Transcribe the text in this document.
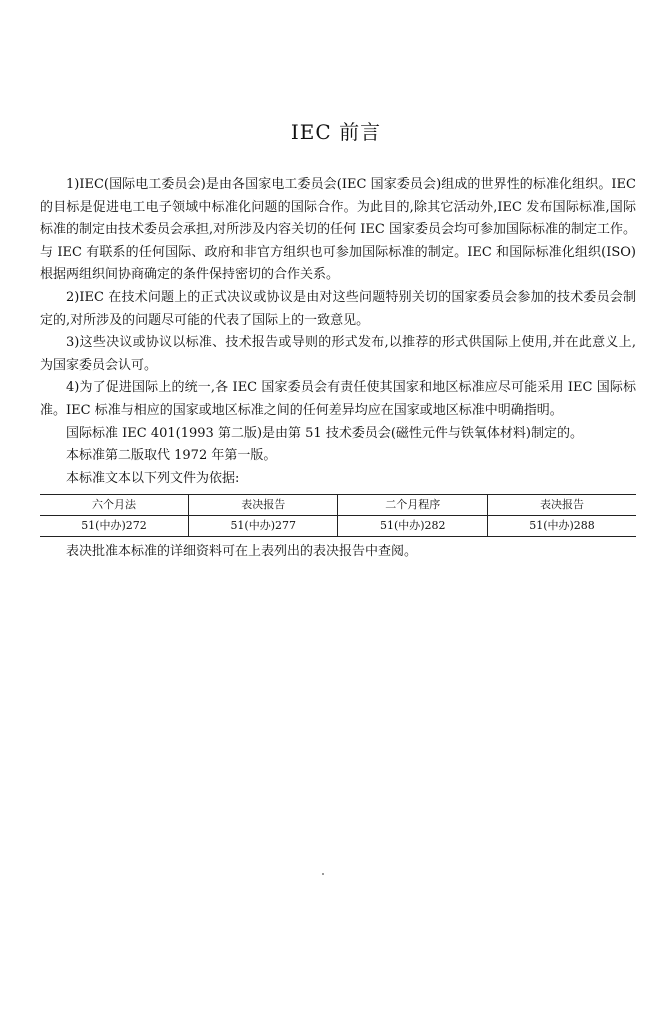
IEC 前言

1)IEC(国际电工委员会)是由各国家电工委员会(IEC 国家委员会)组成的世界性的标准化组织。IEC 的目标是促进电工电子领域中标准化问题的国际合作。为此目的,除其它活动外,IEC 发布国际标准,国际标准的制定由技术委员会承担,对所涉及内容关切的任何 IEC 国家委员会均可参加国际标准的制定工作。与 IEC 有联系的任何国际、政府和非官方组织也可参加国际标准的制定。IEC 和国际标准化组织(ISO)根据两组织间协商确定的条件保持密切的合作关系。

2)IEC 在技术问题上的正式决议或协议是由对这些问题特别关切的国家委员会参加的技术委员会制定的,对所涉及的问题尽可能的代表了国际上的一致意见。

3)这些决议或协议以标准、技术报告或导则的形式发布,以推荐的形式供国际上使用,并在此意义上,为国家委员会认可。

4)为了促进国际上的统一,各 IEC 国家委员会有责任使其国家和地区标准应尽可能采用 IEC 国际标准。IEC 标准与相应的国家或地区标准之间的任何差异均应在国家或地区标准中明确指明。

国际标准 IEC 401(1993 第二版)是由第 51 技术委员会(磁性元件与铁氧体材料)制定的。

本标准第二版取代 1972 年第一版。

本标准文本以下列文件为依据:

六个月法	表决报告	二个月程序	表决报告
51(中办)272	51(中办)277	51(中办)282	51(中办)288

表决批准本标准的详细资料可在上表列出的表决报告中查阅。
